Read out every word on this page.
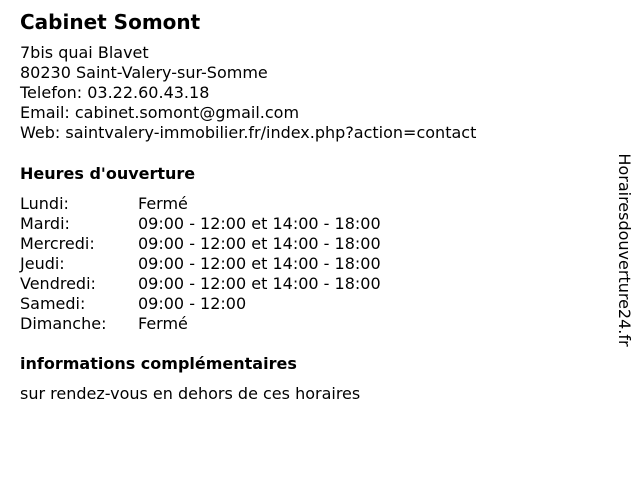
Cabinet Somont
7bis quai Blavet
80230 Saint-Valery-sur-Somme
Telefon: 03.22.60.43.18
Email: cabinet.somont@gmail.com
Web: saintvalery-immobilier.fr/index.php?action=contact
Heures d'ouverture
Lundi:	Fermé
Mardi:	09:00 - 12:00 et 14:00 - 18:00
Mercredi:	09:00 - 12:00 et 14:00 - 18:00
Jeudi:	09:00 - 12:00 et 14:00 - 18:00
Vendredi:	09:00 - 12:00 et 14:00 - 18:00
Samedi:	09:00 - 12:00
Dimanche: Fermé
informations complémentaires
sur rendez-vous en dehors de ces horaires
Horairesdouverture24.fr
